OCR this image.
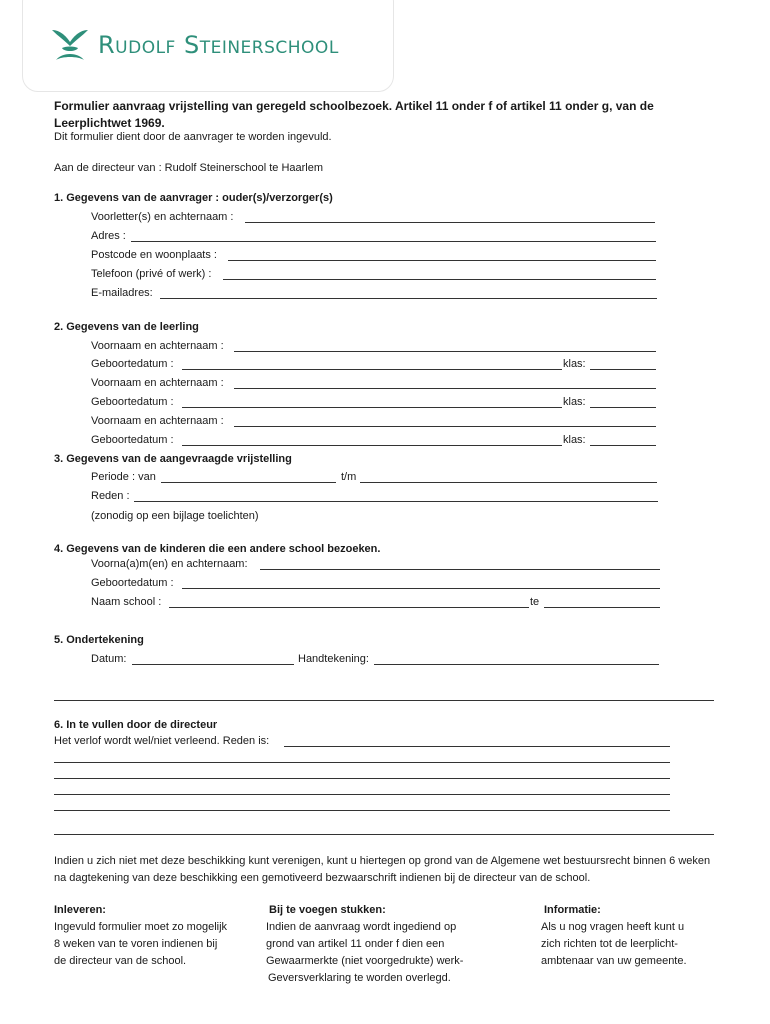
Rudolf Steinerschool
Formulier aanvraag vrijstelling van geregeld schoolbezoek. Artikel 11 onder f of artikel 11 onder g, van de Leerplichtwet 1969.
Dit formulier dient door de aanvrager te worden ingevuld.
Aan de directeur van : Rudolf Steinerschool te Haarlem
1. Gegevens van de aanvrager : ouder(s)/verzorger(s)
Voorletter(s) en achternaam :
Adres :
Postcode en woonplaats :
Telefoon (privé of werk) :
E-mailadres:
2. Gegevens van de leerling
Voornaam en achternaam :
Geboortedatum :	klas:
Voornaam en achternaam :
Geboortedatum :	klas:
Voornaam en achternaam :
Geboortedatum :	klas:
3. Gegevens van de aangevraagde vrijstelling
Periode : van	t/m
Reden :
(zonodig op een bijlage toelichten)
4. Gegevens van de kinderen die een andere school bezoeken.
Voorna(a)m(en) en achternaam:
Geboortedatum :
Naam school :	te
5. Ondertekening
Datum:	Handtekening:
6. In te vullen door de directeur
Het verlof wordt wel/niet verleend. Reden is:
Indien u zich niet met deze beschikking kunt verenigen, kunt u hiertegen op grond van de Algemene wet bestuursrecht binnen 6 weken na dagtekening van deze beschikking een gemotiveerd bezwaarschrift indienen bij de directeur van de school.
Inleveren:
Ingevuld formulier moet zo mogelijk
8 weken van te voren indienen bij
de directeur van de school.
Bij te voegen stukken:
Indien de aanvraag wordt ingediend op
grond van artikel 11 onder f dien een
Gewaarmerkte (niet voorgedrukte) werk-
Geversverklaring te worden overlegd.
Informatie:
Als u nog vragen heeft kunt u
zich richten tot de leerplicht-
ambtenaar van uw gemeente.
